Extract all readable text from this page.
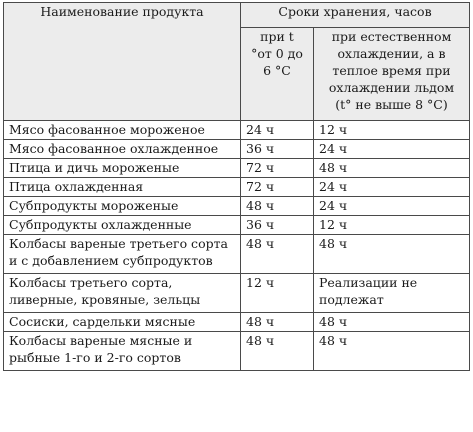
Наименование продукта	Сроки хранения, часов	
	при t °от 0 до 6 °C	при естественном охлаждении, а в теплое время при охлаждении льдом (t° не выше 8 °C)
Мясо фасованное мороженое	24 ч	12 ч
Мясо фасованное охлажденное	36 ч	24 ч
Птица и дичь мороженые	72 ч	48 ч
Птица охлажденная	72 ч	24 ч
Субпродукты мороженые	48 ч	24 ч
Субпродукты охлажденные	36 ч	12 ч
Колбасы вареные третьего сорта и с добавлением субпродуктов	48 ч	48 ч
Колбасы третьего сорта, ливерные, кровяные, зельцы	12 ч	Реализации не подлежат
Сосиски, сардельки мясные	48 ч	48 ч
Колбасы вареные мясные и рыбные 1-го и 2-го сортов	48 ч	48 ч
